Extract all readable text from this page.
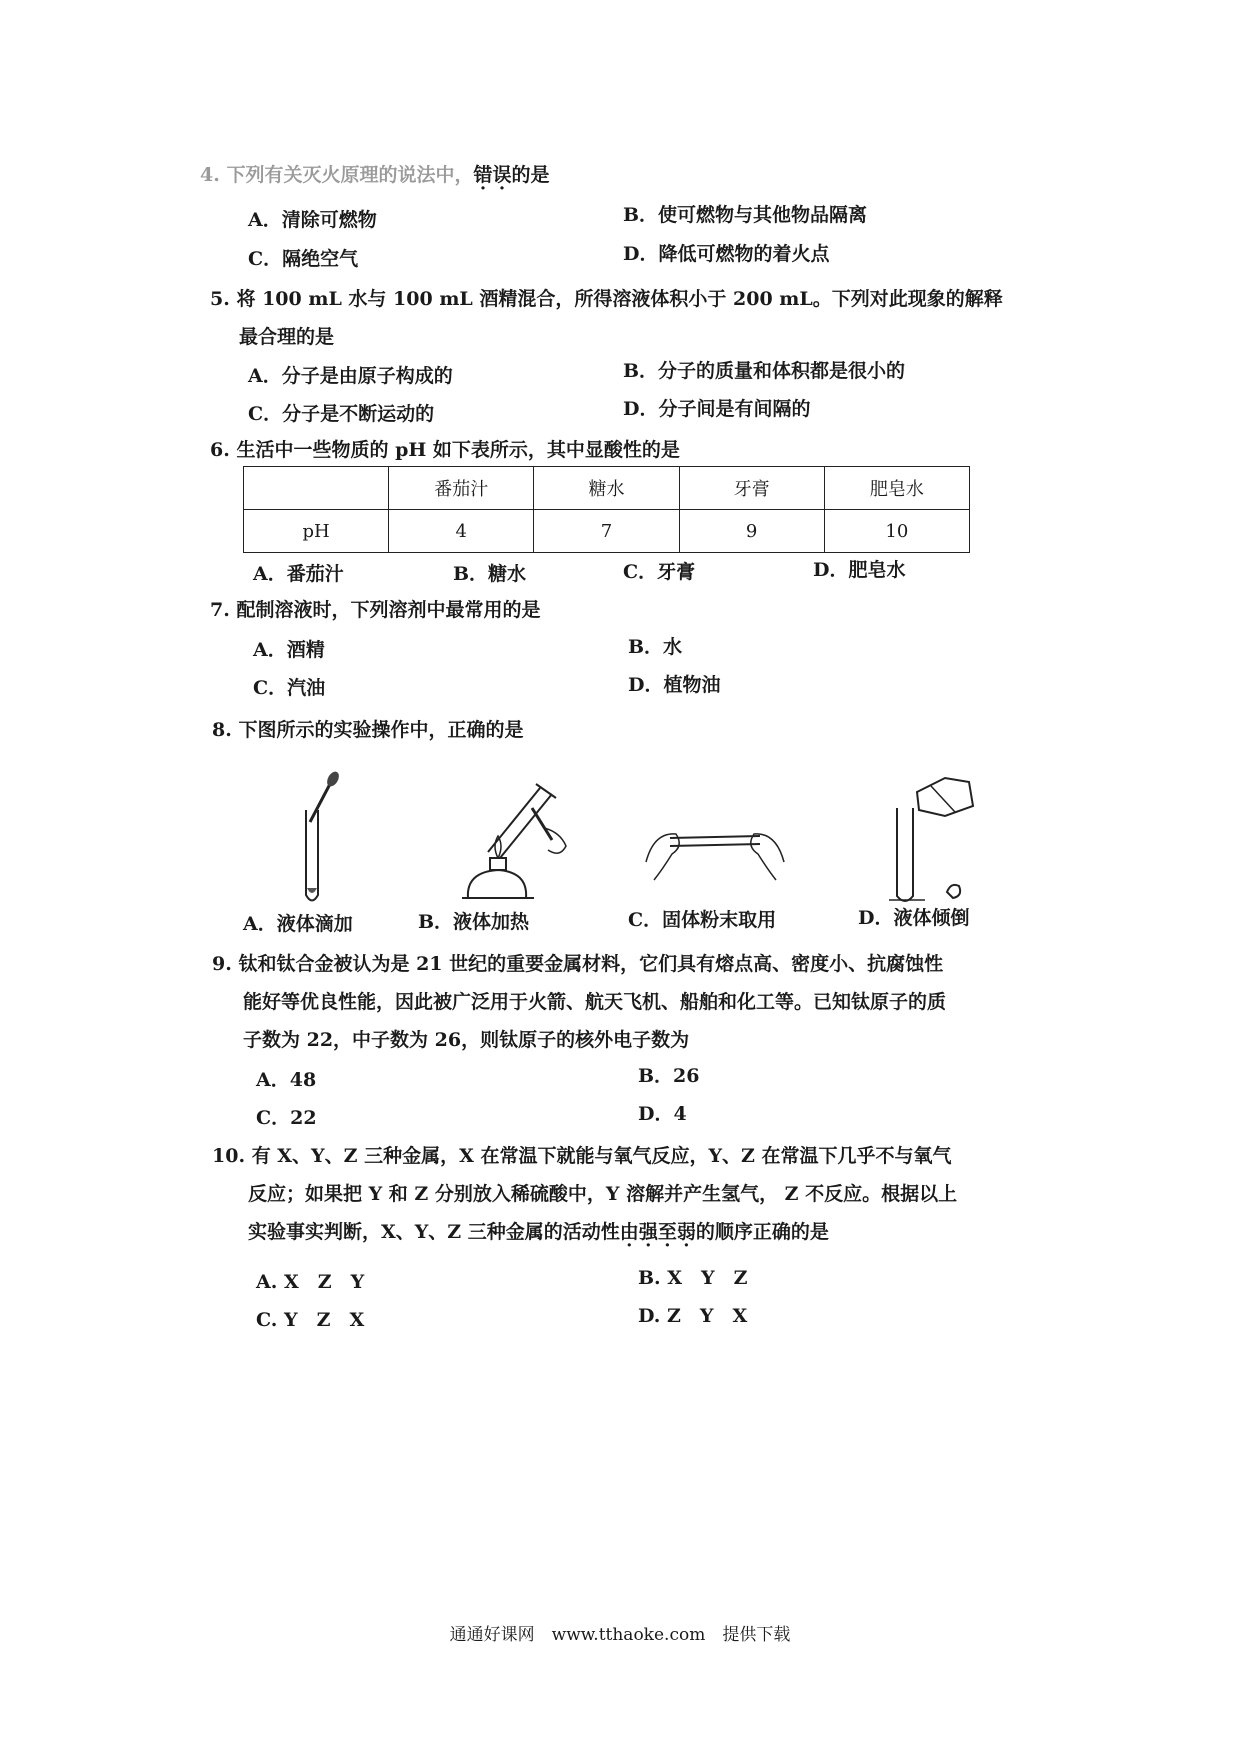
4. 下列有关灭火原理的说法中，错误的是
A．清除可燃物	B．使可燃物与其他物品隔离
C．隔绝空气	D．降低可燃物的着火点
5. 将 100 mL 水与 100 mL 酒精混合，所得溶液体积小于 200 mL。下列对此现象的解释
最合理的是
A．分子是由原子构成的	B．分子的质量和体积都是很小的
C．分子是不断运动的	D．分子间是有间隔的
6. 生活中一些物质的 pH 如下表所示，其中显酸性的是
	番茄汁	糖水	牙膏	肥皂水
pH	4	7	9	10
A．番茄汁	B．糖水	C．牙膏	D．肥皂水
7. 配制溶液时，下列溶剂中最常用的是
A．酒精	B．水
C．汽油	D．植物油
8. 下图所示的实验操作中，正确的是
A．液体滴加	B．液体加热	C．固体粉末取用	D．液体倾倒
9. 钛和钛合金被认为是 21 世纪的重要金属材料，它们具有熔点高、密度小、抗腐蚀性
能好等优良性能，因此被广泛用于火箭、航天飞机、船舶和化工等。已知钛原子的质
子数为 22，中子数为 26，则钛原子的核外电子数为
A．48	B．26
C．22	D．4
10. 有 X、Y、Z 三种金属，X 在常温下就能与氧气反应，Y、Z 在常温下几乎不与氧气
反应；如果把 Y 和 Z 分别放入稀硫酸中，Y 溶解并产生氢气， Z 不反应。根据以上
实验事实判断，X、Y、Z 三种金属的活动性由强至弱的顺序正确的是
A. X　Z　Y	B. X　Y　Z
C. Y　Z　X	D. Z　Y　X
通通好课网　www.tthaoke.com　提供下载
